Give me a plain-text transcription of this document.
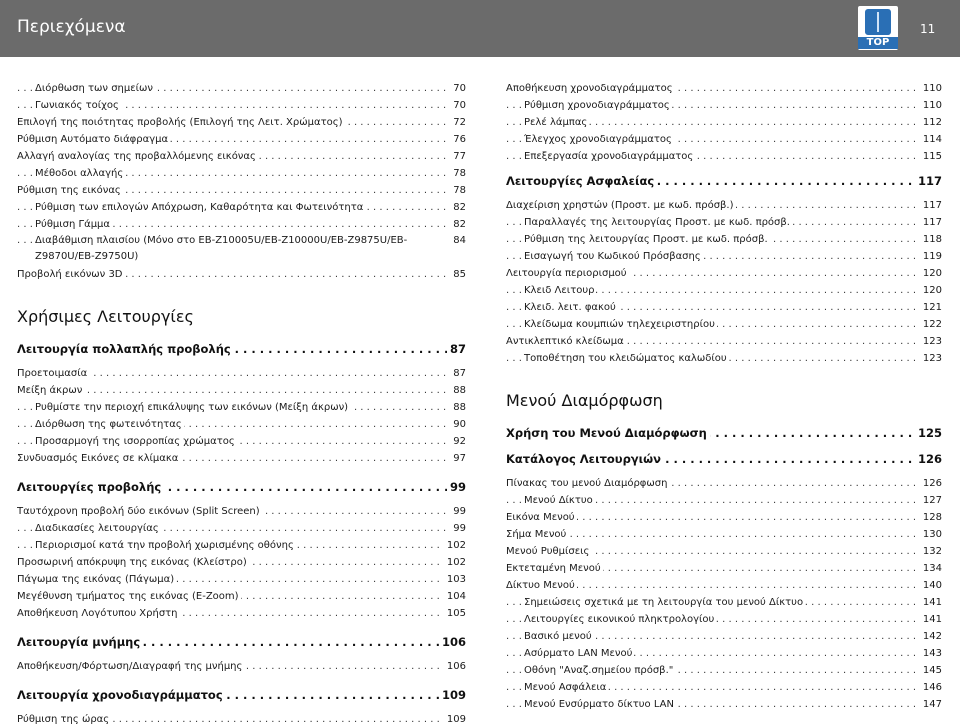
Περιεχόμενα
TOP
11
. . . Διόρθωση των σημείων	70
. . . Γωνιακός τοίχος	70
. . . Επιλογή της ποιότητας προβολής (Επιλογή της Λειτ. Χρώματος)	72
. . . Ρύθμιση Αυτόματο διάφραγμα	76
. . . Αλλαγή αναλογίας της προβαλλόμενης εικόνας	77
. . . Μέθοδοι αλλαγής	78
. . . Ρύθμιση της εικόνας	78
. . . Ρύθμιση των επιλογών Απόχρωση, Καθαρότητα και Φωτεινότητα	82
. . . Ρύθμιση Γάμμα	82
. . . Διαβάθμιση πλαισίου (Μόνο στο EB-Z10005U/EB-Z10000U/EB-Z9875U/EB-Z9870U/EB-Z9750U)
84
. . . Προβολή εικόνων 3D	85
Χρήσιμες Λειτουργίες
. . . Λειτουργία πολλαπλής προβολής	87
. . . Προετοιμασία	87
. . . Μείξη άκρων	88
. . . Ρυθμίστε την περιοχή επικάλυψης των εικόνων (Μείξη άκρων)	88
. . . Διόρθωση της φωτεινότητας	90
. . . Προσαρμογή της ισορροπίας χρώματος	92
. . . Συνδυασμός Εικόνες σε κλίμακα	97
. . . Λειτουργίες προβολής	99
. . . Ταυτόχρονη προβολή δύο εικόνων (Split Screen)	99
. . . Διαδικασίες λειτουργίας	99
. . . Περιορισμοί κατά την προβολή χωρισμένης οθόνης	102
. . . Προσωρινή απόκρυψη της εικόνας (Κλείστρο)	102
. . . Πάγωμα της εικόνας (Πάγωμα)	103
. . . Μεγέθυνση τμήματος της εικόνας (E-Zoom)	104
. . . Αποθήκευση Λογότυπου Χρήστη	105
. . . Λειτουργία μνήμης	106
. . . Αποθήκευση/Φόρτωση/Διαγραφή της μνήμης	106
. . . Λειτουργία χρονοδιαγράμματος	109
. . . Ρύθμιση της ώρας	109
. . . Αποθήκευση χρονοδιαγράμματος	110
. . . Ρύθμιση χρονοδιαγράμματος	110
. . . Ρελέ λάμπας	112
. . . Έλεγχος χρονοδιαγράμματος	114
. . . Επεξεργασία χρονοδιαγράμματος	115
. . . Λειτουργίες Ασφαλείας	117
. . . Διαχείριση χρηστών (Προστ. με κωδ. πρόσβ.)	117
. . . Παραλλαγές της λειτουργίας Προστ. με κωδ. πρόσβ.	117
. . . Ρύθμιση της λειτουργίας Προστ. με κωδ. πρόσβ.	118
. . . Εισαγωγή του Κωδικού Πρόσβασης	119
. . . Λειτουργία περιορισμού	120
. . . Κλειδ Λειτουρ	120
. . . Κλειδ. λειτ. φακού	121
. . . Κλείδωμα κουμπιών τηλεχειριστηρίου	122
. . . Αντικλεπτικό κλείδωμα	123
. . . Τοποθέτηση του κλειδώματος καλωδίου	123
Μενού Διαμόρφωση
. . . Χρήση του Μενού Διαμόρφωση	125
. . . Κατάλογος Λειτουργιών	126
. . . Πίνακας του μενού Διαμόρφωση	126
. . . Μενού Δίκτυο	127
. . . Εικόνα Μενού	128
. . . Σήμα Μενού	130
. . . Μενού Ρυθμίσεις	132
. . . Εκτεταμένη Μενού	134
. . . Δίκτυο Μενού	140
. . . Σημειώσεις σχετικά με τη λειτουργία του μενού Δίκτυο	141
. . . Λειτουργίες εικονικού πληκτρολογίου	141
. . . Βασικό μενού	142
. . . Ασύρματο LAN Μενού	143
. . . Οθόνη "Αναζ.σημείου πρόσβ."	145
. . . Μενού Ασφάλεια	146
. . . Μενού Ενσύρματο δίκτυο LAN	147
